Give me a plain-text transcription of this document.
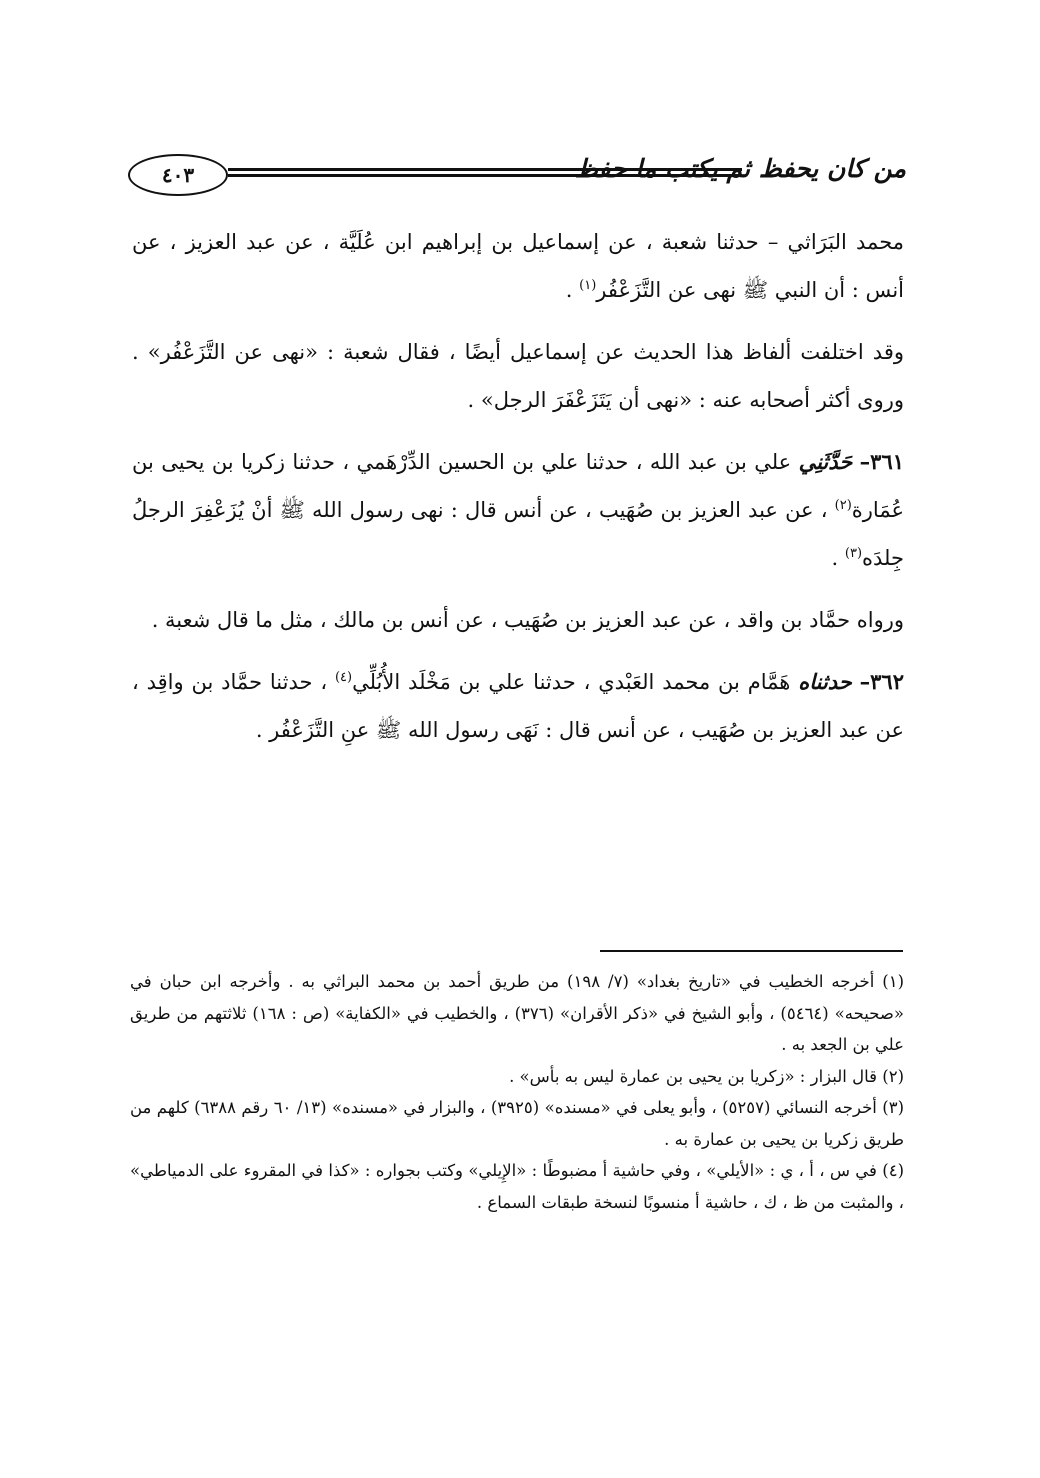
٤٠٣	من كان يحفظ ثم يكتب ما حفظ

محمد البَرَاثي – حدثنا شعبة ، عن إسماعيل بن إبراهيم ابن عُلَيَّة ، عن عبد العزيز ، عن أنس : أن النبي ﷺ نهى عن التَّزَعْفُر$^{(١)}$ .

وقد اختلفت ألفاظ هذا الحديث عن إسماعيل أيضًا ، فقال شعبة : «نهى عن التَّزَعْفُر» . وروى أكثر أصحابه عنه : «نهى أن يَتَزَعْفَرَ الرجل» .

٣٦١– حَدَّثَنِي علي بن عبد الله ، حدثنا علي بن الحسين الدِّرْهَمي ، حدثنا زكريا بن يحيى بن عُمَارة$^{(٢)}$ ، عن عبد العزيز بن صُهَيب ، عن أنس قال : نهى رسول الله ﷺ أنْ يُزَعْفِرَ الرجلُ جِلدَه$^{(٣)}$ .

ورواه حمَّاد بن واقد ، عن عبد العزيز بن صُهَيب ، عن أنس بن مالك ، مثل ما قال شعبة .

٣٦٢– حدثناه هَمَّام بن محمد العَبْدي ، حدثنا علي بن مَخْلَد الأُبُلِّي$^{(٤)}$ ، حدثنا حمَّاد بن واقِد ، عن عبد العزيز بن صُهَيب ، عن أنس قال : نَهَى رسول الله ﷺ عنِ التَّزَعْفُر .

(١) أخرجه الخطيب في «تاريخ بغداد» (٧/ ١٩٨) من طريق أحمد بن محمد البراثي به . وأخرجه ابن حبان في «صحيحه» (٥٤٦٤) ، وأبو الشيخ في «ذكر الأقران» (٣٧٦) ، والخطيب في «الكفاية» (ص : ١٦٨) ثلاثتهم من طريق علي بن الجعد به .

(٢) قال البزار : «زكريا بن يحيى بن عمارة ليس به بأس» .

(٣) أخرجه النسائي (٥٢٥٧) ، وأبو يعلى في «مسنده» (٣٩٢٥) ، والبزار في «مسنده» (١٣/ ٦٠ رقم ٦٣٨٨) كلهم من طريق زكريا بن يحيى بن عمارة به .

(٤) في س ، أ ، ي : «الأيلي» ، وفي حاشية أ مضبوطًا : «الإِيلي» وكتب بجواره : «كذا في المقروء على الدمياطي» ، والمثبت من ظ ، ك ، حاشية أ منسوبًا لنسخة طبقات السماع .
